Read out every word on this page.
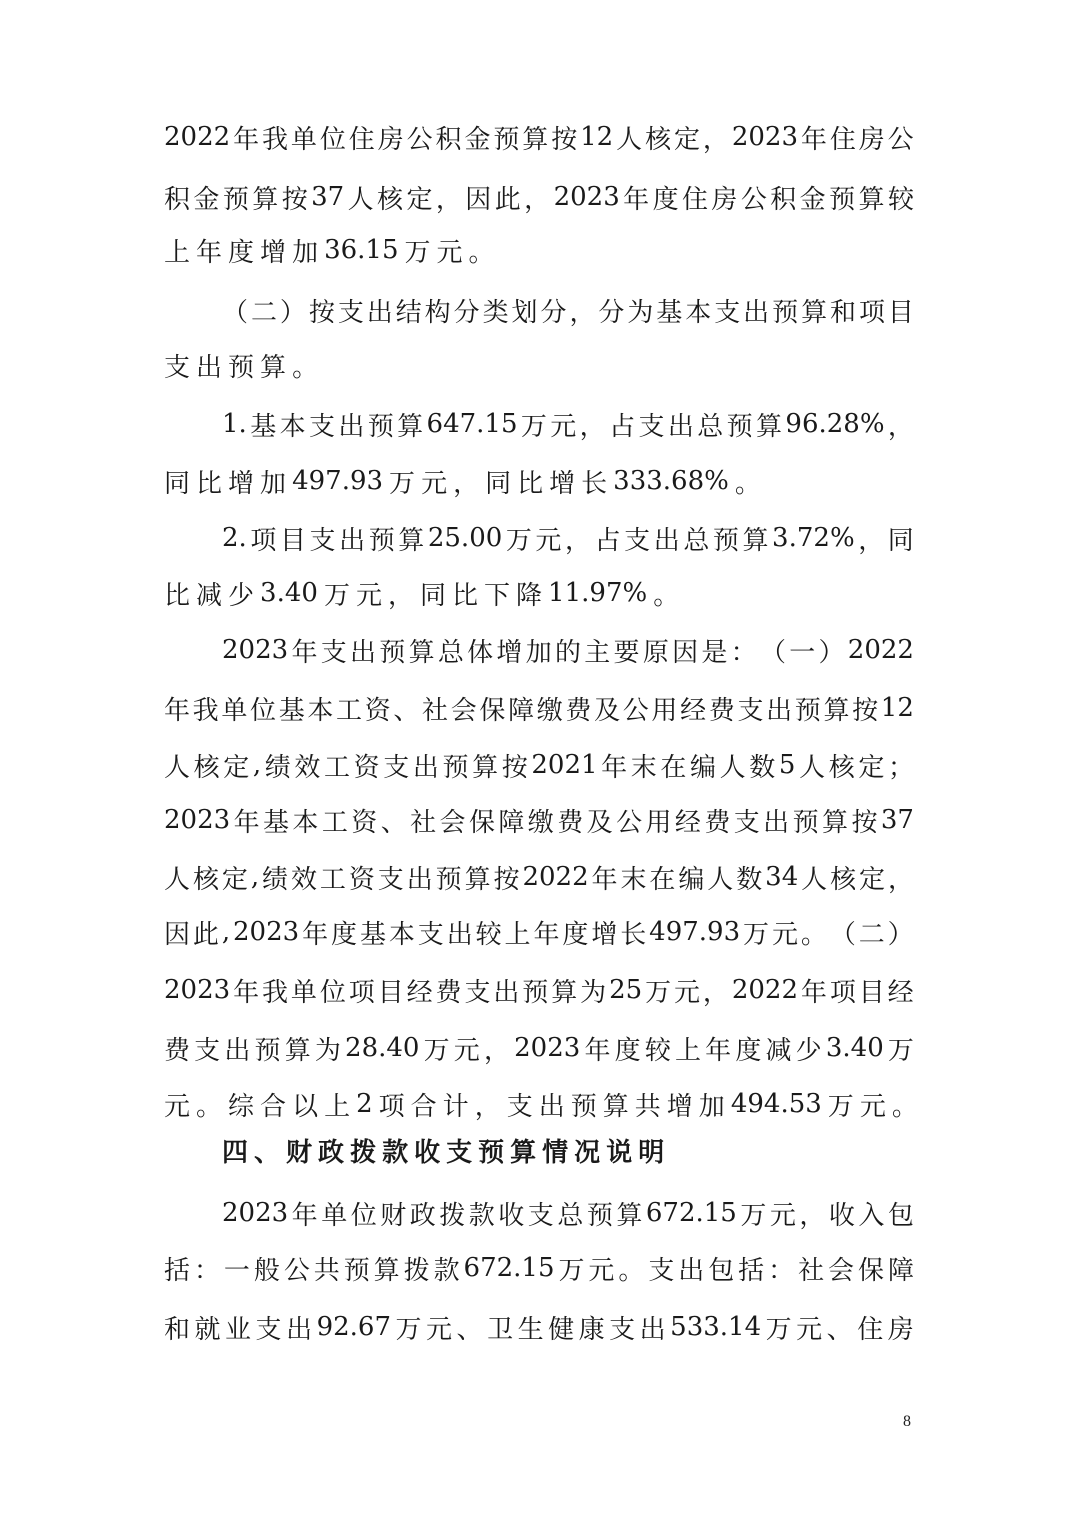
2022 年 我 单 位 住 房 公 积 金 预 算 按 12 人 核 定 ， 2023 年 住 房 公
积 金 预 算 按 37 人 核 定 ， 因 此 ， 2023 年 度 住 房 公 积 金 预 算 较
上 年 度 增 加 36.15 万 元 。
（ 二 ） 按 支 出 结 构 分 类 划 分 ， 分 为 基 本 支 出 预 算 和 项 目
支 出 预 算 。
1. 基 本 支 出 预 算 647.15 万 元 ， 占 支 出 总 预 算 96.28% ，
同 比 增 加 497.93 万 元 ， 同 比 增 长 333.68% 。
2. 项 目 支 出 预 算 25.00 万 元 ， 占 支 出 总 预 算 3.72% ， 同
比 减 少 3.40 万 元 ， 同 比 下 降 11.97% 。
2023 年 支 出 预 算 总 体 增 加 的 主 要 原 因 是 ： （ 一 ） 2022
年 我 单 位 基 本 工 资 、 社 会 保 障 缴 费 及 公 用 经 费 支 出 预 算 按 12
人 核 定 , 绩 效 工 资 支 出 预 算 按 2021 年 末 在 编 人 数 5 人 核 定 ；
2023 年 基 本 工 资 、 社 会 保 障 缴 费 及 公 用 经 费 支 出 预 算 按 37
人 核 定 , 绩 效 工 资 支 出 预 算 按 2022 年 末 在 编 人 数 34 人 核 定 ，
因 此 , 2023 年 度 基 本 支 出 较 上 年 度 增 长 497.93 万 元 。 （ 二 ）
2023 年 我 单 位 项 目 经 费 支 出 预 算 为 25 万 元 ， 2022 年 项 目 经
费 支 出 预 算 为 28.40 万 元 ， 2023 年 度 较 上 年 度 减 少 3.40 万
元 。 综 合 以 上 2 项 合 计 ， 支 出 预 算 共 增 加 494.53 万 元 。
四 、 财 政 拨 款 收 支 预 算 情 况 说 明
2023 年 单 位 财 政 拨 款 收 支 总 预 算 672.15 万 元 ， 收 入 包
括 ： 一 般 公 共 预 算 拨 款 672.15 万 元 。 支 出 包 括 ： 社 会 保 障
和 就 业 支 出 92.67 万 元 、 卫 生 健 康 支 出 533.14 万 元 、 住 房
8
